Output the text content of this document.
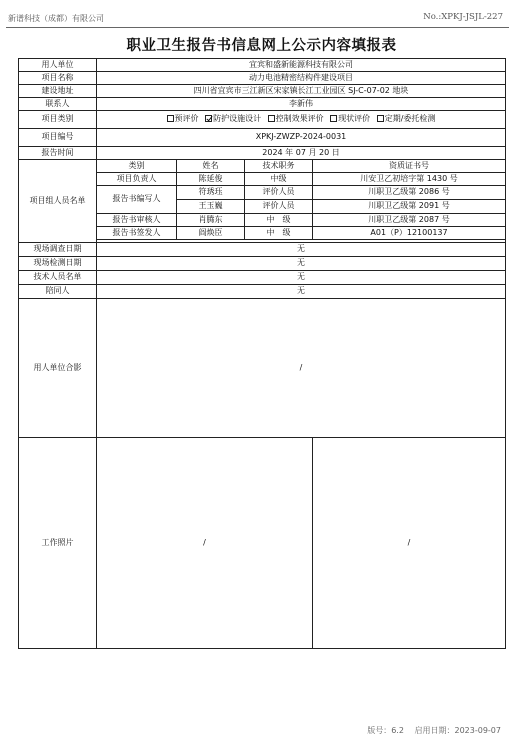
新谱科技（成都）有限公司	No.:XPKJ-JSJL-227
职业卫生报告书信息网上公示内容填报表
用人单位	宜宾和盛新能源科技有限公司			
项目名称	动力电池精密结构件建设项目			
建设地址	四川省宜宾市三江新区宋家镇长江工业园区 SJ-C-07-02 地块			
联系人	李新伟			
项目类别	预评价 防护设施设计 控制效果评价 现状评价 定期/委托检测			
项目编号	XPKJ-ZWZP-2024-0031			
报告时间	2024 年 07 月 20 日			
项目组人员名单	类别	姓名	技术职务	资质证书号
	项目负责人	陈延俊	中级	川安卫乙初培字第 1430 号
	报告书编写人	符琇珏	评价人员	川职卫乙级第 2086 号
		王玉巍	评价人员	川职卫乙级第 2091 号
	报告书审核人	肖腾东	中　级	川职卫乙级第 2087 号
	报告书签发人	阎焕臣	中　级	A01（P）12100137

现场调查日期	无			
现场检测日期	无			
技术人员名单	无			
陪同人	无			
用人单位合影	/			
工作照片	/			/
版号：6.2 启用日期：2023-09-07
